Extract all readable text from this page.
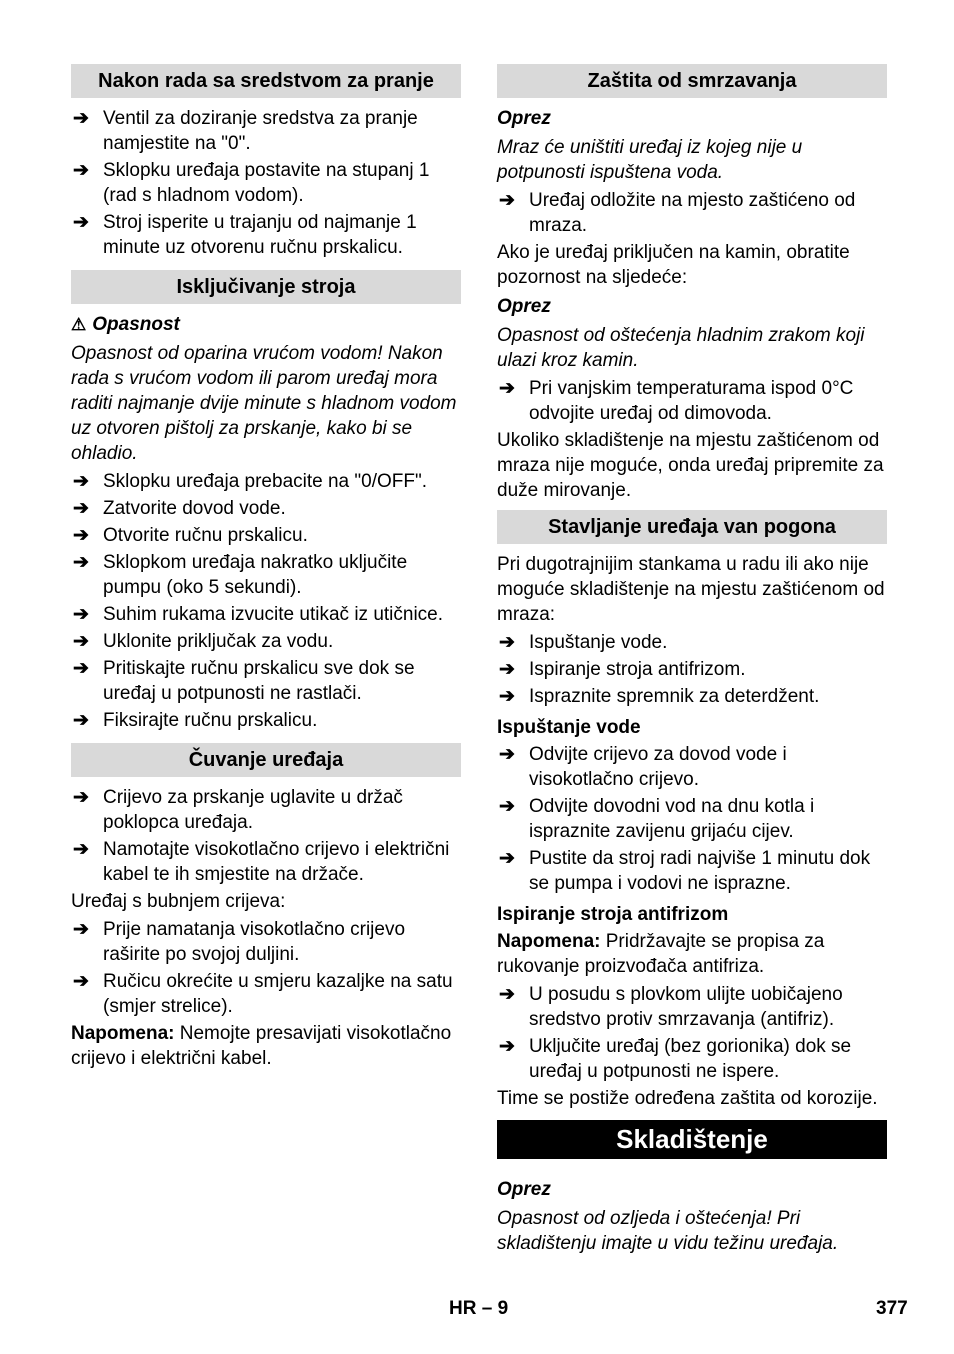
Nakon rada sa sredstvom za pranje
➔ Ventil za doziranje sredstva za pranje namjestite na "0".
➔ Sklopku uređaja postavite na stupanj 1 (rad s hladnom vodom).
➔ Stroj isperite u trajanju od najmanje 1 minute uz otvorenu ručnu prskalicu.
Isključivanje stroja
⚠ Opasnost
Opasnost od oparina vrućom vodom! Nakon rada s vrućom vodom ili parom uređaj mora raditi najmanje dvije minute s hladnom vodom uz otvoren pištolj za prskanje, kako bi se ohladio.
➔ Sklopku uređaja prebacite na "0/OFF".
➔ Zatvorite dovod vode.
➔ Otvorite ručnu prskalicu.
➔ Sklopkom uređaja nakratko uključite pumpu (oko 5 sekundi).
➔ Suhim rukama izvucite utikač iz utičnice.
➔ Uklonite priključak za vodu.
➔ Pritiskajte ručnu prskalicu sve dok se uređaj u potpunosti ne rastlači.
➔ Fiksirajte ručnu prskalicu.
Čuvanje uređaja
➔ Crijevo za prskanje uglavite u držač poklopca uređaja.
➔ Namotajte visokotlačno crijevo i električni kabel te ih smjestite na držače.
Uređaj s bubnjem crijeva:
➔ Prije namatanja visokotlačno crijevo raširite po svojoj duljini.
➔ Ručicu okrećite u smjeru kazaljke na satu (smjer strelice).
Napomena: Nemojte presavijati visokotlačno crijevo i električni kabel.
Zaštita od smrzavanja
Oprez
Mraz će uništiti uređaj iz kojeg nije u potpunosti ispuštena voda.
➔ Uređaj odložite na mjesto zaštićeno od mraza.
Ako je uređaj priključen na kamin, obratite pozornost na sljedeće:
Oprez
Opasnost od oštećenja hladnim zrakom koji ulazi kroz kamin.
➔ Pri vanjskim temperaturama ispod 0°C odvojite uređaj od dimovoda.
Ukoliko skladištenje na mjestu zaštićenom od mraza nije moguće, onda uređaj pripremite za duže mirovanje.
Stavljanje uređaja van pogona
Pri dugotrajnijim stankama u radu ili ako nije moguće skladištenje na mjestu zaštićenom od mraza:
➔ Ispuštanje vode.
➔ Ispiranje stroja antifrizom.
➔ Ispraznite spremnik za deterdžent.
Ispuštanje vode
➔ Odvijte crijevo za dovod vode i visokotlačno crijevo.
➔ Odvijte dovodni vod na dnu kotla i ispraznite zavijenu grijaću cijev.
➔ Pustite da stroj radi najviše 1 minutu dok se pumpa i vodovi ne isprazne.
Ispiranje stroja antifrizom
Napomena: Pridržavajte se propisa za rukovanje proizvođača antifriza.
➔ U posudu s plovkom ulijte uobičajeno sredstvo protiv smrzavanja (antifriz).
➔ Uključite uređaj (bez gorionika) dok se uređaj u potpunosti ne ispere.
Time se postiže određena zaštita od korozije.
Skladištenje
Oprez
Opasnost od ozljeda i oštećenja! Pri skladištenju imajte u vidu težinu uređaja.
HR – 9	377
